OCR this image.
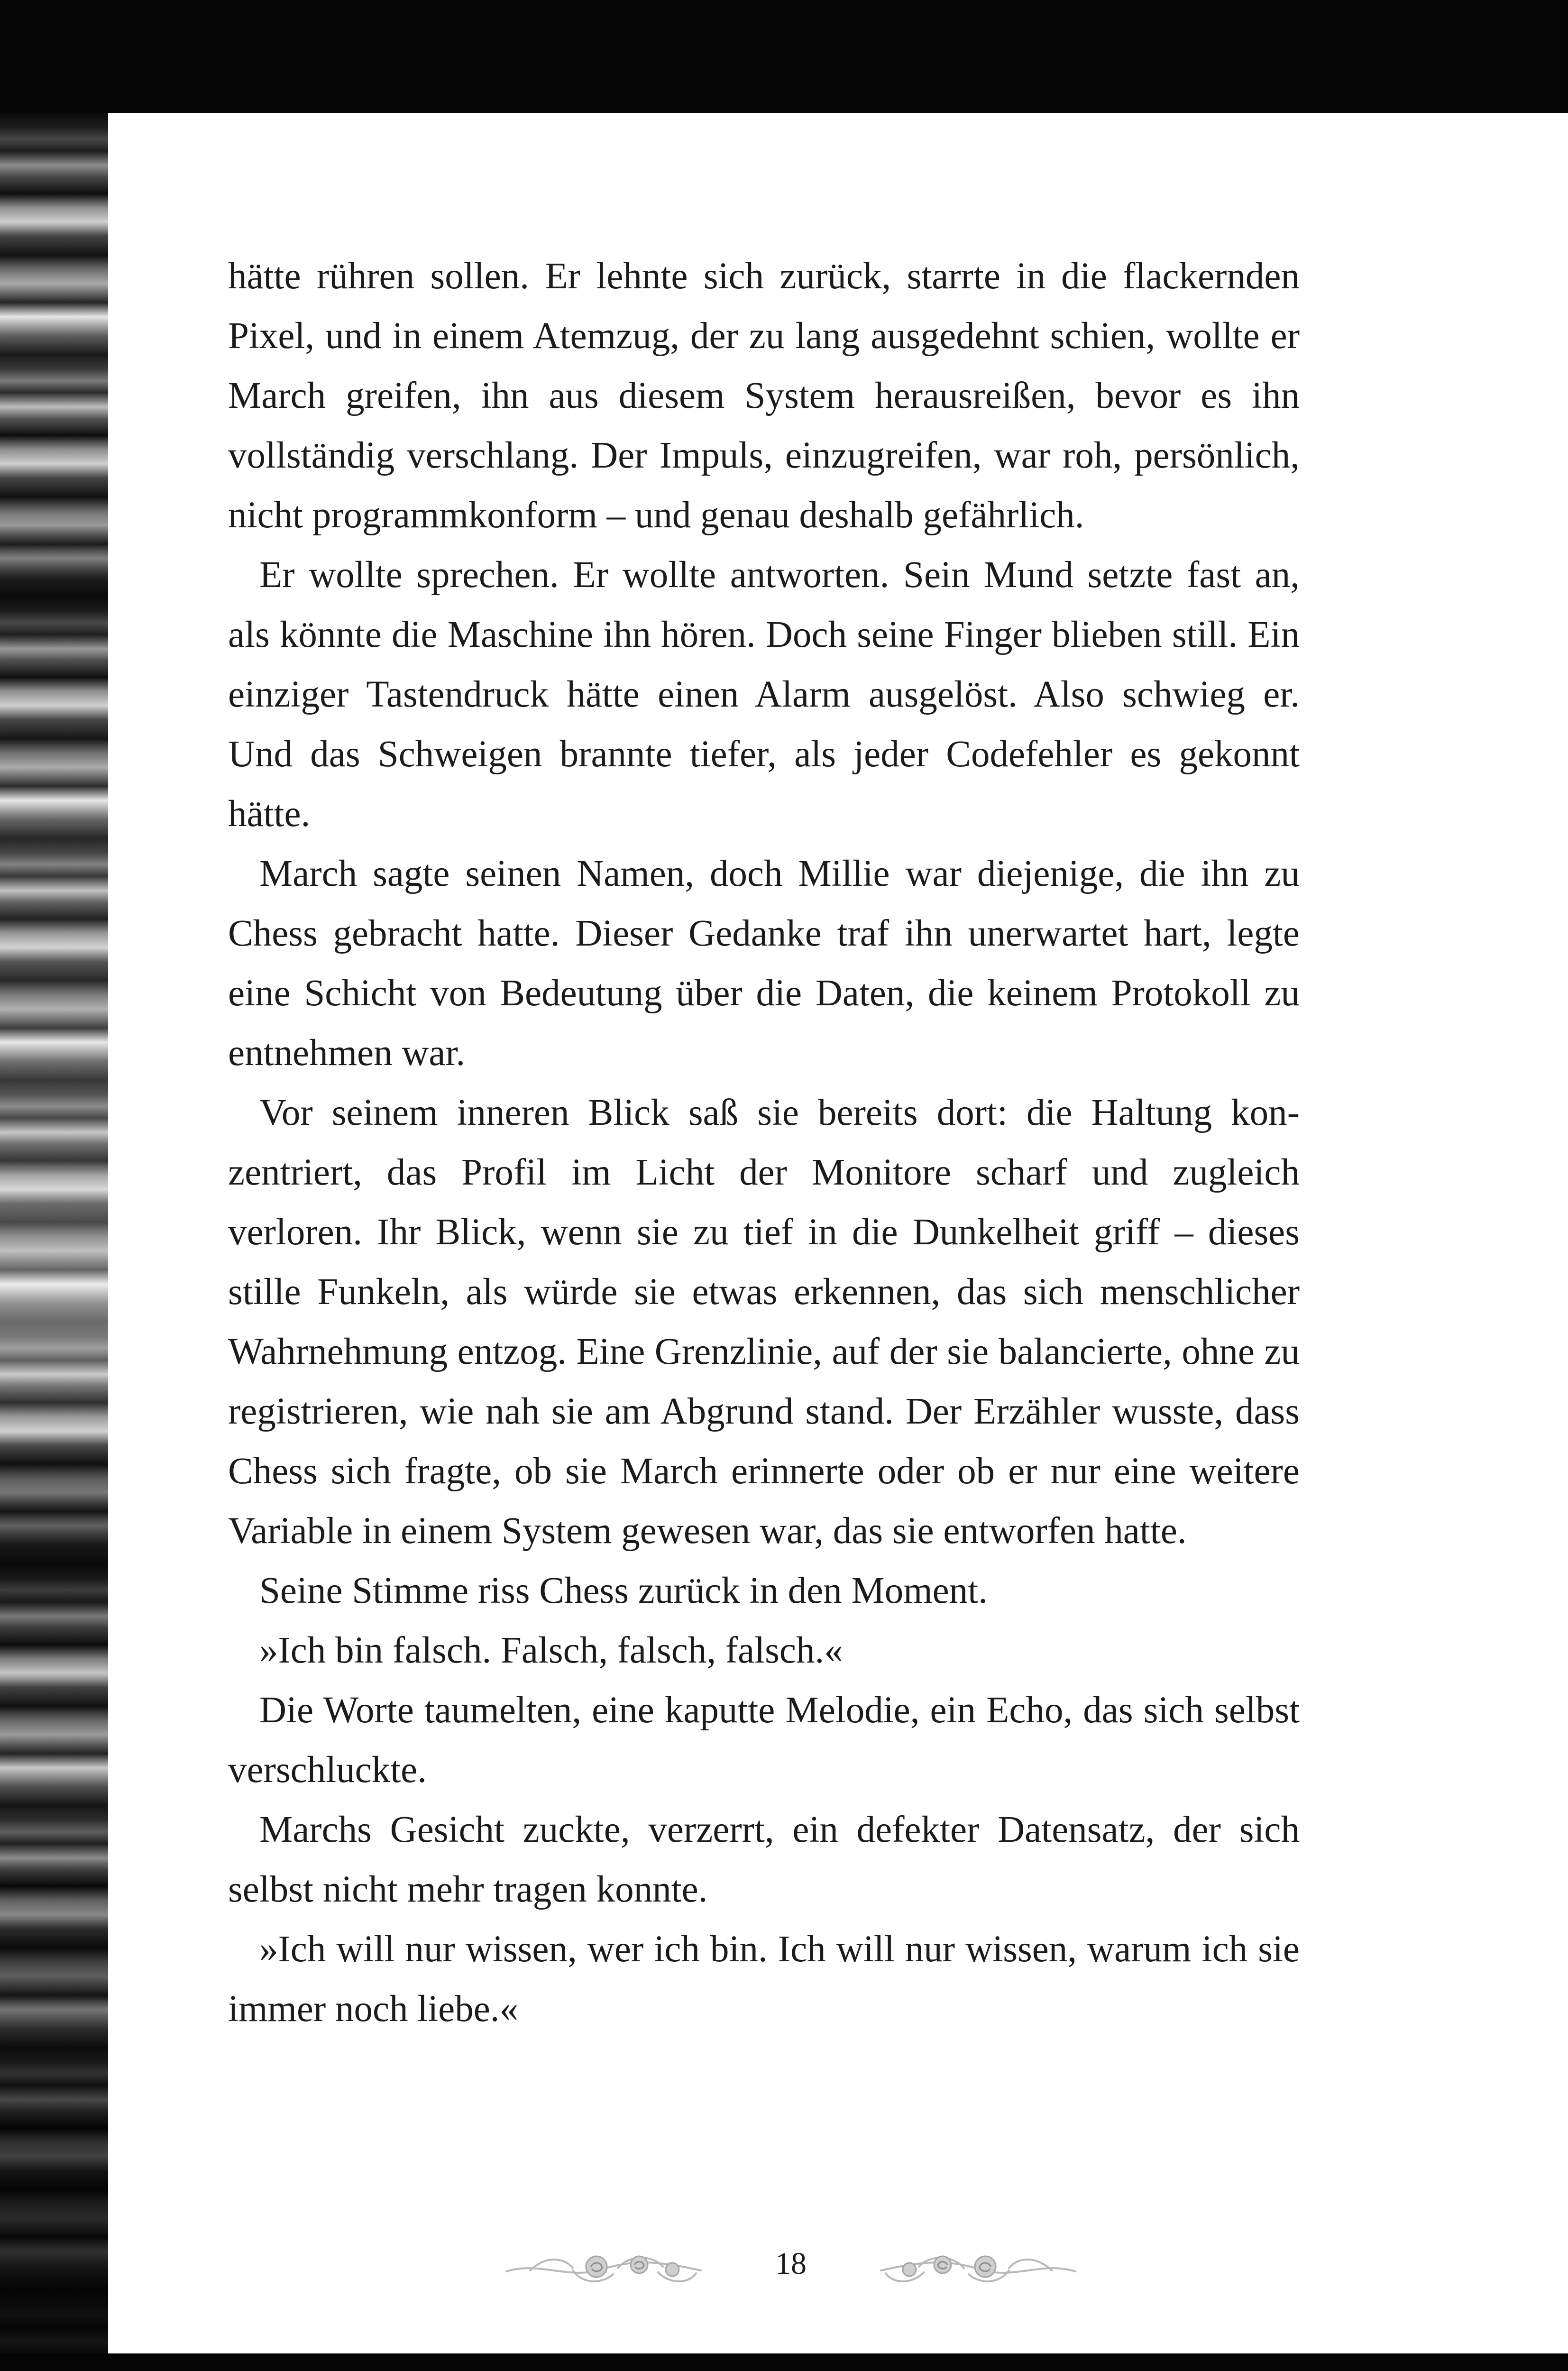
hätte rühren sollen. Er lehnte sich zurück, starrte in die flackernden Pixel, und in einem Atemzug, der zu lang ausgedehnt schien, wollte er March greifen, ihn aus diesem System herausreißen, bevor es ihn vollständig verschlang. Der Impuls, einzugreifen, war roh, persönlich, nicht programmkonform – und genau deshalb gefährlich.

Er wollte sprechen. Er wollte antworten. Sein Mund setzte fast an, als könnte die Maschine ihn hören. Doch seine Finger blieben still. Ein einziger Tastendruck hätte einen Alarm ausgelöst. Also schwieg er. Und das Schweigen brannte tiefer, als jeder Codefehler es gekonnt hätte.

March sagte seinen Namen, doch Millie war diejenige, die ihn zu Chess gebracht hatte. Dieser Gedanke traf ihn unerwartet hart, legte eine Schicht von Bedeutung über die Daten, die keinem Protokoll zu entnehmen war.

Vor seinem inneren Blick saß sie bereits dort: die Haltung konzentriert, das Profil im Licht der Monitore scharf und zugleich verloren. Ihr Blick, wenn sie zu tief in die Dunkelheit griff – dieses stille Funkeln, als würde sie etwas erkennen, das sich menschlicher Wahrnehmung entzog. Eine Grenzlinie, auf der sie balancierte, ohne zu registrieren, wie nah sie am Abgrund stand. Der Erzähler wusste, dass Chess sich fragte, ob sie March erinnerte oder ob er nur eine weitere Variable in einem System gewesen war, das sie entworfen hatte.

Seine Stimme riss Chess zurück in den Moment.

»Ich bin falsch. Falsch, falsch, falsch.«

Die Worte taumelten, eine kaputte Melodie, ein Echo, das sich selbst verschluckte.

Marchs Gesicht zuckte, verzerrt, ein defekter Datensatz, der sich selbst nicht mehr tragen konnte.

»Ich will nur wissen, wer ich bin. Ich will nur wissen, warum ich sie immer noch liebe.«

18
